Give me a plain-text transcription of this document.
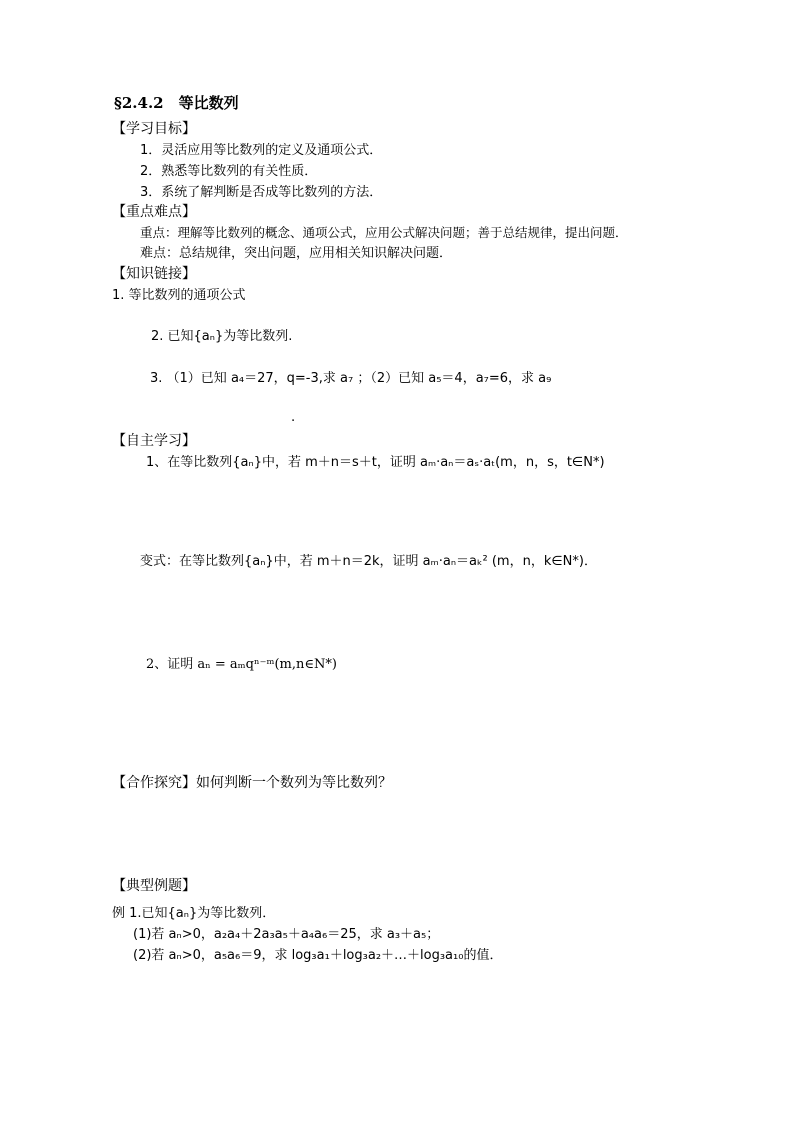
§2.4.2　等比数列
【学习目标】
1．灵活应用等比数列的定义及通项公式．
2．熟悉等比数列的有关性质．
3．系统了解判断是否成等比数列的方法．
【重点难点】
重点：理解等比数列的概念、通项公式，应用公式解决问题；善于总结规律，提出问题．
难点：总结规律，突出问题，应用相关知识解决问题．
【知识链接】
1. 等比数列的通项公式
2. 已知{aₙ}为等比数列.
3. （1）已知 a₄＝27，q=-3,求 a₇ ；（2）已知 a₅＝4，a₇=6，求 a₉
.
【自主学习】
1、在等比数列{aₙ}中，若 m＋n＝s＋t，证明 aₘ·aₙ＝aₛ·aₜ(m，n，s，t∈N*)
变式：在等比数列{aₙ}中，若 m＋n＝2k，证明 aₘ·aₙ＝aₖ² (m，n，k∈N*)．
2、证明 aₙ = aₘqⁿ⁻ᵐ(m,n∈N*)
【合作探究】如何判断一个数列为等比数列？
【典型例题】
例 1.已知{aₙ}为等比数列．
(1)若 aₙ>0，a₂a₄＋2a₃a₅＋a₄a₆＝25，求 a₃＋a₅；
(2)若 aₙ>0，a₅a₆＝9，求 log₃a₁＋log₃a₂＋…＋log₃a₁₀的值．
